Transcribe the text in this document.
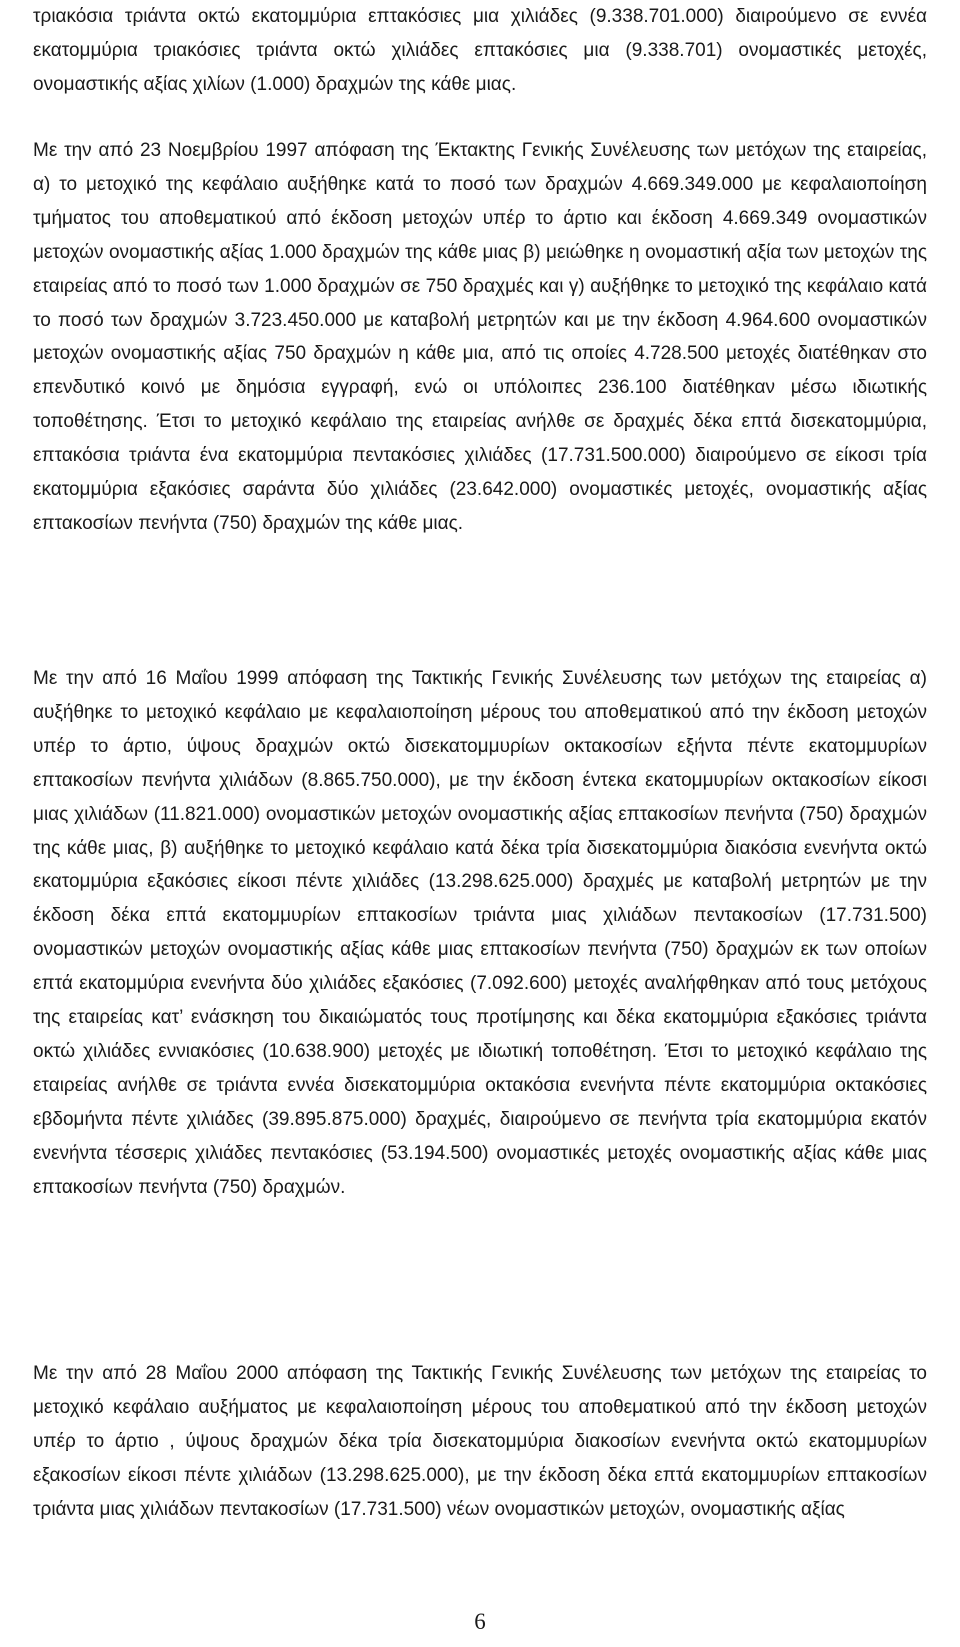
τριακόσια τριάντα οκτώ εκατομμύρια επτακόσιες μια χιλιάδες (9.338.701.000) διαιρούμενο σε εννέα εκατομμύρια τριακόσιες τριάντα οκτώ χιλιάδες επτακόσιες μια (9.338.701) ονομαστικές μετοχές, ονομαστικής αξίας χιλίων (1.000) δραχμών της κάθε μιας.

Με την από 23 Νοεμβρίου 1997 απόφαση της Έκτακτης Γενικής Συνέλευσης των μετόχων της εταιρείας, α) το μετοχικό της κεφάλαιο αυξήθηκε κατά το ποσό των δραχμών 4.669.349.000 με κεφαλαιοποίηση τμήματος του αποθεματικού από έκδοση μετοχών υπέρ το άρτιο και έκδοση 4.669.349 ονομαστικών μετοχών ονομαστικής αξίας 1.000 δραχμών της κάθε μιας β) μειώθηκε η ονομαστική αξία των μετοχών της εταιρείας από το ποσό των 1.000 δραχμών σε 750 δραχμές και γ) αυξήθηκε το μετοχικό της κεφάλαιο κατά το ποσό των δραχμών 3.723.450.000 με καταβολή μετρητών και με την έκδοση 4.964.600 ονομαστικών μετοχών ονομαστικής αξίας 750 δραχμών η κάθε μια, από τις οποίες 4.728.500 μετοχές διατέθηκαν στο επενδυτικό κοινό με δημόσια εγγραφή, ενώ οι υπόλοιπες 236.100 διατέθηκαν μέσω ιδιωτικής τοποθέτησης. Έτσι το μετοχικό κεφάλαιο της εταιρείας ανήλθε σε δραχμές δέκα επτά δισεκατομμύρια, επτακόσια τριάντα ένα εκατομμύρια πεντακόσιες χιλιάδες (17.731.500.000) διαιρούμενο σε είκοσι τρία εκατομμύρια εξακόσιες σαράντα δύο χιλιάδες (23.642.000) ονομαστικές μετοχές, ονομαστικής αξίας επτακοσίων πενήντα (750) δραχμών της κάθε μιας.

Με την από 16 Μαΐου 1999 απόφαση της Τακτικής Γενικής Συνέλευσης των μετόχων της εταιρείας α) αυξήθηκε το μετοχικό κεφάλαιο με κεφαλαιοποίηση μέρους του αποθεματικού από την έκδοση μετοχών υπέρ το άρτιο, ύψους δραχμών οκτώ δισεκατομμυρίων οκτακοσίων εξήντα πέντε εκατομμυρίων επτακοσίων πενήντα χιλιάδων (8.865.750.000), με την έκδοση έντεκα εκατομμυρίων οκτακοσίων είκοσι μιας χιλιάδων (11.821.000) ονομαστικών μετοχών ονομαστικής αξίας επτακοσίων πενήντα (750) δραχμών της κάθε μιας, β) αυξήθηκε το μετοχικό κεφάλαιο κατά δέκα τρία δισεκατομμύρια διακόσια ενενήντα οκτώ εκατομμύρια εξακόσιες είκοσι πέντε χιλιάδες (13.298.625.000) δραχμές με καταβολή μετρητών με την έκδοση δέκα επτά εκατομμυρίων επτακοσίων τριάντα μιας χιλιάδων πεντακοσίων (17.731.500) ονομαστικών μετοχών ονομαστικής αξίας κάθε μιας επτακοσίων πενήντα (750) δραχμών εκ των οποίων επτά εκατομμύρια ενενήντα δύο χιλιάδες εξακόσιες (7.092.600) μετοχές αναλήφθηκαν από τους μετόχους της εταιρείας κατ’ ενάσκηση του δικαιώματός τους προτίμησης και δέκα εκατομμύρια εξακόσιες τριάντα οκτώ χιλιάδες εννιακόσιες (10.638.900) μετοχές με ιδιωτική τοποθέτηση. Έτσι το μετοχικό κεφάλαιο της εταιρείας ανήλθε σε τριάντα εννέα δισεκατομμύρια οκτακόσια ενενήντα πέντε εκατομμύρια οκτακόσιες εβδομήντα πέντε χιλιάδες (39.895.875.000) δραχμές, διαιρούμενο σε πενήντα τρία εκατομμύρια εκατόν ενενήντα τέσσερις χιλιάδες πεντακόσιες (53.194.500) ονομαστικές μετοχές ονομαστικής αξίας κάθε μιας επτακοσίων πενήντα (750) δραχμών.

Με την από 28 Μαΐου 2000 απόφαση της Τακτικής Γενικής Συνέλευσης των μετόχων της εταιρείας το μετοχικό κεφάλαιο αυξήματος με κεφαλαιοποίηση μέρους του αποθεματικού από την έκδοση μετοχών υπέρ το άρτιο , ύψους δραχμών δέκα τρία δισεκατομμύρια διακοσίων ενενήντα οκτώ εκατομμυρίων εξακοσίων είκοσι πέντε χιλιάδων (13.298.625.000), με την έκδοση δέκα επτά εκατομμυρίων επτακοσίων τριάντα μιας χιλιάδων πεντακοσίων (17.731.500) νέων ονομαστικών μετοχών, ονομαστικής αξίας

6
